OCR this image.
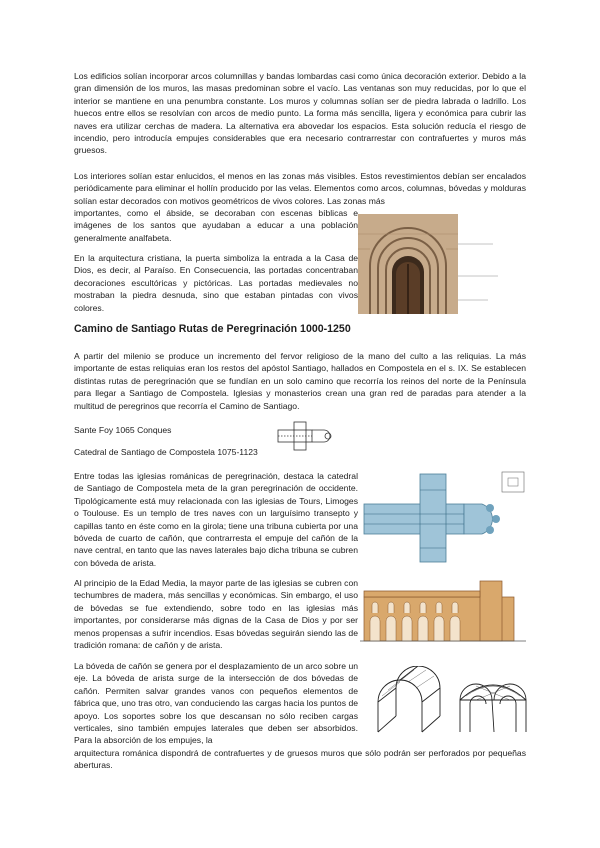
Los edificios solían incorporar arcos columnillas y bandas lombardas casi como única decoración exterior. Debido a la gran dimensión de los muros, las masas predominan sobre el vacío. Las ventanas son muy reducidas, por lo que el interior se mantiene en una penumbra constante. Los muros y columnas solían ser de piedra labrada o ladrillo. Los huecos entre ellos se resolvían con arcos de medio punto. La forma más sencilla, ligera y económica para cubrir las naves era utilizar cerchas de madera. La alternativa era abovedar los espacios. Esta solución reducía el riesgo de incendio, pero introducía empujes considerables que era necesario contrarrestar con contrafuertes y muros más gruesos.

Los interiores solían estar enlucidos, el menos en las zonas más visibles. Estos revestimientos debían ser encalados periódicamente para eliminar el hollín producido por las velas. Elementos como arcos, columnas, bóvedas y molduras solían estar decorados con motivos geométricos de vivos colores. Las zonas más

importantes, como el ábside, se decoraban con escenas bíblicas e imágenes de los santos que ayudaban a educar a una población generalmente analfabeta.

En la arquitectura cristiana, la puerta simboliza la entrada a la Casa de Dios, es decir, al Paraíso. En Consecuencia, las portadas concentraban decoraciones escultóricas y pictóricas. Las portadas medievales no mostraban la piedra desnuda, sino que estaban pintadas con vivos colores.

Camino de Santiago Rutas de Peregrinación 1000-1250

A partir del milenio se produce un incremento del fervor religioso de la mano del culto a las reliquias. La más importante de estas reliquias eran los restos del apóstol Santiago, hallados en Compostela en el s. IX. Se establecen distintas rutas de peregrinación que se fundían en un solo camino que recorría los reinos del norte de la Península para llegar a Santiago de Compostela. Iglesias y monasterios crean una gran red de paradas para atender a la multitud de peregrinos que recorría el Camino de Santiago.

Sante Foy 1065 Conques

Catedral de Santiago de Compostela 1075-1123

Entre todas las iglesias románicas de peregrinación, destaca la catedral de Santiago de Compostela meta de la gran peregrinación de occidente. Tipológicamente está muy relacionada con las iglesias de Tours, Limoges o Toulouse. Es un templo de tres naves con un larguísimo transepto y capillas tanto en éste como en la girola; tiene una tribuna cubierta por una bóveda de cuarto de cañón, que contrarresta el empuje del cañón de la nave central, en tanto que las naves laterales bajo dicha tribuna se cubren con bóveda de arista.

Al principio de la Edad Media, la mayor parte de las iglesias se cubren con techumbres de madera, más sencillas y económicas. Sin embargo, el uso de bóvedas se fue extendiendo, sobre todo en las iglesias más importantes, por considerarse más dignas de la Casa de Dios y por ser menos propensas a sufrir incendios. Esas bóvedas seguirán siendo las de tradición romana: de cañón y de arista.

La bóveda de cañón se genera por el desplazamiento de un arco sobre un eje. La bóveda de arista surge de la intersección de dos bóvedas de cañón. Permiten salvar grandes vanos con pequeños elementos de fábrica que, uno tras otro, van conduciendo las cargas hacia los puntos de apoyo. Los soportes sobre los que descansan no sólo reciben cargas verticales, sino también empujes laterales que deben ser absorbidos. Para la absorción de los empujes, la

arquitectura románica dispondrá de contrafuertes y de gruesos muros que sólo podrán ser perforados por pequeñas aberturas.
